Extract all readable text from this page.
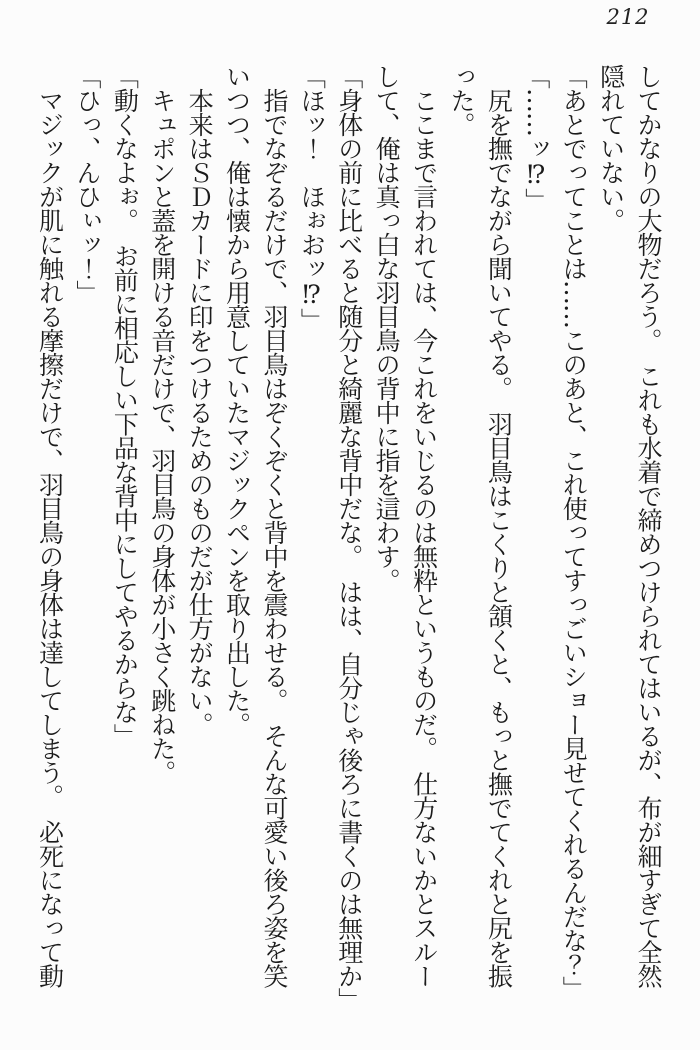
212

してかなりの大物だろう。　これも水着で締めつけられてはいるが、布が細すぎて全然

隠れていない。

「あとでってことは……このあと、これ使ってすっごいショー見せてくれるんだな？」

「……ッ⁉」

尻を撫でながら聞いてやる。　羽目鳥はこくりと頷くと、もっと撫でてくれと尻を振

った。

ここまで言われては、今これをいじるのは無粋というものだ。　仕方ないかとスルー

して、俺は真っ白な羽目鳥の背中に指を這わす。

「身体の前に比べると随分と綺麗な背中だな。　はは、自分じゃ後ろに書くのは無理か」

「ほッ！　ほぉおッ⁉」

指でなぞるだけで、羽目鳥はぞくぞくと背中を震わせる。　そんな可愛い後ろ姿を笑

いつつ、俺は懐から用意していたマジックペンを取り出した。

本来はＳＤカードに印をつけるためのものだが仕方がない。

キュポンと蓋を開ける音だけで、羽目鳥の身体が小さく跳ねた。

「動くなよぉ。　お前に相応しい下品な背中にしてやるからな」

「ひっ、んひぃッ！」

マジックが肌に触れる摩擦だけで、羽目鳥の身体は達してしまう。　必死になって動
